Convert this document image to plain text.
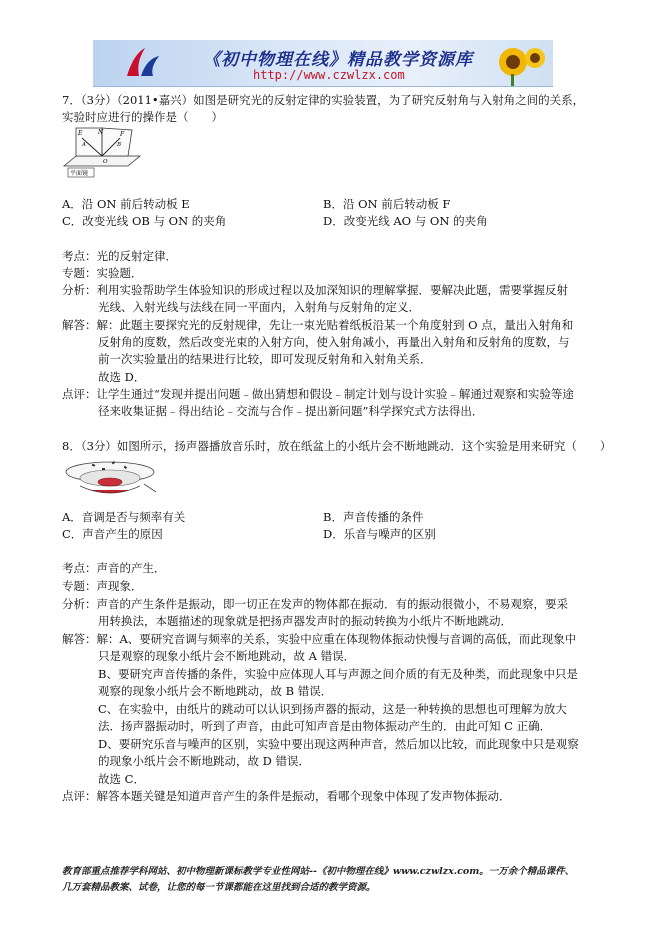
《初中物理在线》精品教学资源库
http://www.czwlzx.com
7．（3分）（2011•嘉兴）如图是研究光的反射定律的实验装置，为了研究反射角与入射角之间的关系，
实验时应进行的操作是（　　）
E	N	F
A	B
O
平面镜
A．沿 ON 前后转动板 E	B．沿 ON 前后转动板 F
C．改变光线 OB 与 ON 的夹角	D．改变光线 AO 与 ON 的夹角
考点：光的反射定律．
专题：实验题．
分析：利用实验帮助学生体验知识的形成过程以及加深知识的理解掌握．要解决此题，需要掌握反射
光线、入射光线与法线在同一平面内，入射角与反射角的定义．
解答：解：此题主要探究光的反射规律，先让一束光贴着纸板沿某一个角度射到 O 点，量出入射角和
反射角的度数，然后改变光束的入射方向，使入射角减小，再量出入射角和反射角的度数，与
前一次实验量出的结果进行比较，即可发现反射角和入射角关系．
故选 D．
点评：让学生通过“发现并提出问题﹣做出猜想和假设﹣制定计划与设计实验﹣解通过观察和实验等途
径来收集证据﹣得出结论﹣交流与合作﹣提出新问题”科学探究式方法得出．
8．（3分）如图所示，扬声器播放音乐时，放在纸盆上的小纸片会不断地跳动．这个实验是用来研究（　　）
A．音调是否与频率有关	B．声音传播的条件
C．声音产生的原因	D．乐音与噪声的区别
考点：声音的产生．
专题：声现象．
分析：声音的产生条件是振动，即一切正在发声的物体都在振动．有的振动很微小，不易观察，要采
用转换法，本题描述的现象就是把扬声器发声时的振动转换为小纸片不断地跳动．
解答：解：A、要研究音调与频率的关系，实验中应重在体现物体振动快慢与音调的高低，而此现象中
只是观察的现象小纸片会不断地跳动，故 A 错误．
B、要研究声音传播的条件，实验中应体现人耳与声源之间介质的有无及种类，而此现象中只是
观察的现象小纸片会不断地跳动，故 B 错误．
C、在实验中，由纸片的跳动可以认识到扬声器的振动，这是一种转换的思想也可理解为放大
法．扬声器振动时，听到了声音，由此可知声音是由物体振动产生的．由此可知 C 正确．
D、要研究乐音与噪声的区别，实验中要出现这两种声音，然后加以比较，而此现象中只是观察
的现象小纸片会不断地跳动，故 D 错误．
故选 C．
点评：解答本题关键是知道声音产生的条件是振动，看哪个现象中体现了发声物体振动．
教育部重点推荐学科网站、初中物理新课标教学专业性网站--《初中物理在线》www.czwlzx.com。一万余个精品课件、
几万套精品教案、试卷，让您的每一节课都能在这里找到合适的教学资源。
